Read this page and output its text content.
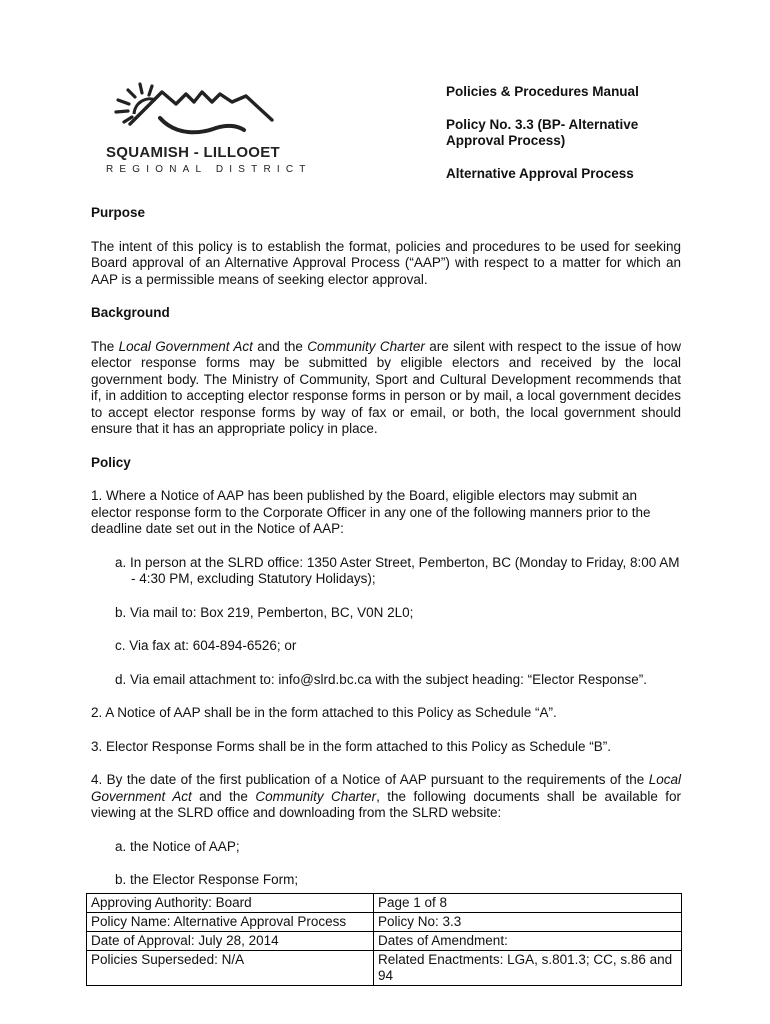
SQUAMISH - LILLOOET
REGIONAL DISTRICT

Policies & Procedures Manual

Policy No. 3.3 (BP- Alternative Approval Process)

Alternative Approval Process

Purpose

The intent of this policy is to establish the format, policies and procedures to be used for seeking Board approval of an Alternative Approval Process (“AAP”) with respect to a matter for which an AAP is a permissible means of seeking elector approval.

Background

The Local Government Act and the Community Charter are silent with respect to the issue of how elector response forms may be submitted by eligible electors and received by the local government body. The Ministry of Community, Sport and Cultural Development recommends that if, in addition to accepting elector response forms in person or by mail, a local government decides to accept elector response forms by way of fax or email, or both, the local government should ensure that it has an appropriate policy in place.

Policy

1. Where a Notice of AAP has been published by the Board, eligible electors may submit an elector response form to the Corporate Officer in any one of the following manners prior to the deadline date set out in the Notice of AAP:

a. In person at the SLRD office: 1350 Aster Street, Pemberton, BC (Monday to Friday, 8:00 AM - 4:30 PM, excluding Statutory Holidays);

b. Via mail to: Box 219, Pemberton, BC, V0N 2L0;

c. Via fax at: 604-894-6526; or

d. Via email attachment to: info@slrd.bc.ca with the subject heading: “Elector Response”.

2. A Notice of AAP shall be in the form attached to this Policy as Schedule “A”.

3. Elector Response Forms shall be in the form attached to this Policy as Schedule “B”.

4. By the date of the first publication of a Notice of AAP pursuant to the requirements of the Local Government Act and the Community Charter, the following documents shall be available for viewing at the SLRD office and downloading from the SLRD website:

a. the Notice of AAP;

b. the Elector Response Form;

Approving Authority: Board	Page 1 of 8
Policy Name: Alternative Approval Process	Policy No: 3.3
Date of Approval: July 28, 2014	Dates of Amendment:
Policies Superseded: N/A	Related Enactments: LGA, s.801.3; CC, s.86 and 94
